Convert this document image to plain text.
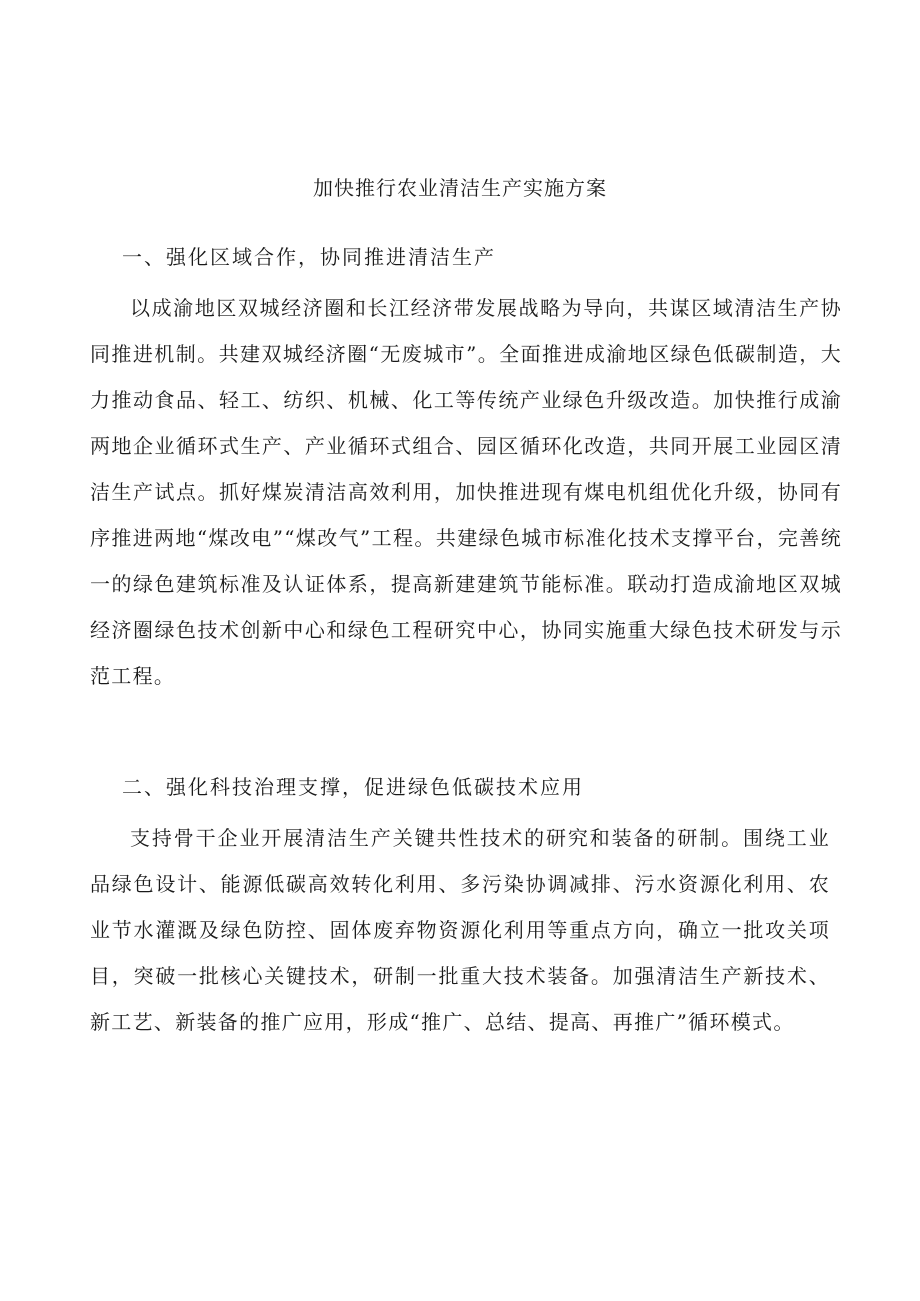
加快推行农业清洁生产实施方案
一、强化区域合作，协同推进清洁生产
以成渝地区双城经济圈和长江经济带发展战略为导向，共谋区域清洁生产协同推进机制。共建双城经济圈“无废城市”。全面推进成渝地区绿色低碳制造，大力推动食品、轻工、纺织、机械、化工等传统产业绿色升级改造。加快推行成渝两地企业循环式生产、产业循环式组合、园区循环化改造，共同开展工业园区清洁生产试点。抓好煤炭清洁高效利用，加快推进现有煤电机组优化升级，协同有序推进两地“煤改电”“煤改气”工程。共建绿色城市标准化技术支撑平台，完善统一的绿色建筑标准及认证体系，提高新建建筑节能标准。联动打造成渝地区双城经济圈绿色技术创新中心和绿色工程研究中心，协同实施重大绿色技术研发与示范工程。
二、强化科技治理支撑，促进绿色低碳技术应用
支持骨干企业开展清洁生产关键共性技术的研究和装备的研制。围绕工业品绿色设计、能源低碳高效转化利用、多污染协调减排、污水资源化利用、农业节水灌溉及绿色防控、固体废弃物资源化利用等重点方向，确立一批攻关项目，突破一批核心关键技术，研制一批重大技术装备。加强清洁生产新技术、新工艺、新装备的推广应用，形成“推广、总结、提高、再推广”循环模式。
